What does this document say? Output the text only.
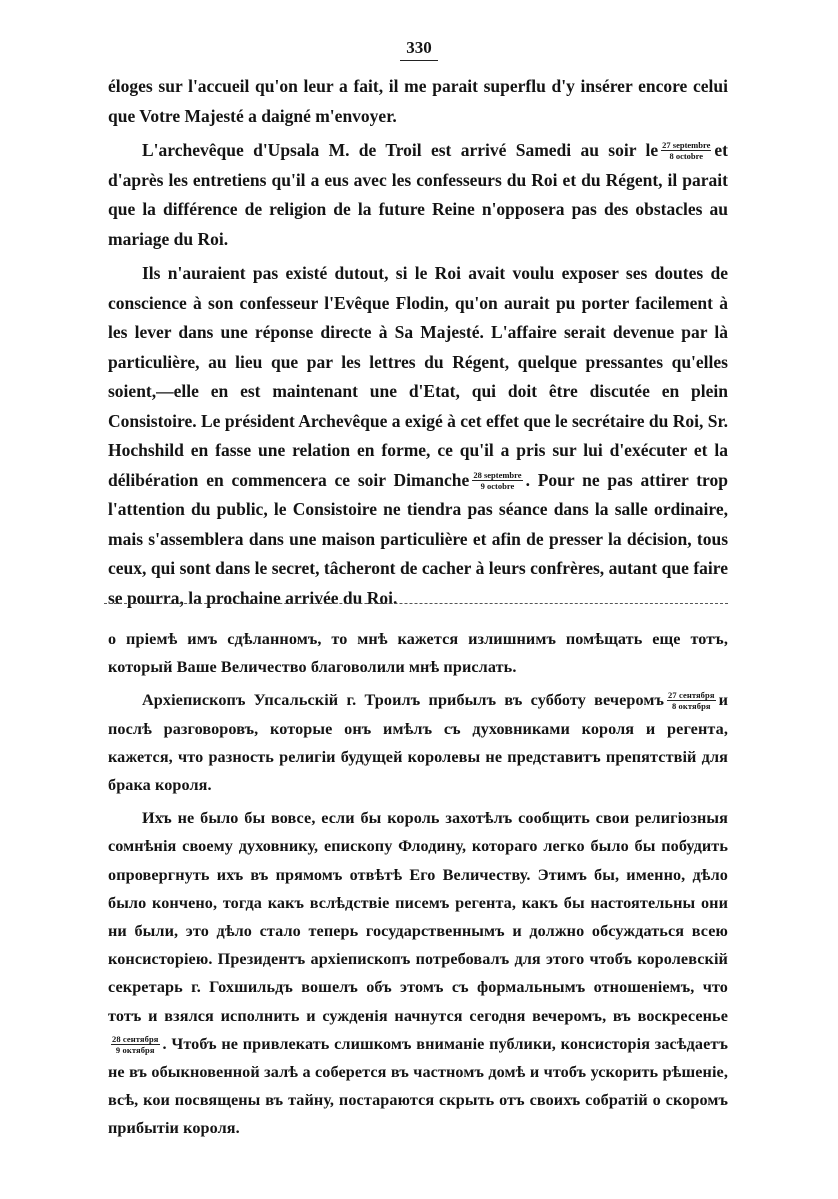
330

éloges sur l'accueil qu'on leur a fait, il me parait superflu d'y insérer encore celui que Votre Majesté a daigné m'envoyer.

L'archevêque d'Upsala M. de Troil est arrivé Samedi au soir le $\frac{\text{27 septembre}}{\text{8 octobre}}$ et d'après les entretiens qu'il a eus avec les confesseurs du Roi et du Régent, il parait que la différence de religion de la future Reine n'opposera pas des obstacles au mariage du Roi.

Ils n'auraient pas existé dutout, si le Roi avait voulu exposer ses doutes de conscience à son confesseur l'Evêque Flodin, qu'on aurait pu porter facilement à les lever dans une réponse directe à Sa Majesté. L'affaire serait devenue par là particulière, au lieu que par les lettres du Régent, quelque pressantes qu'elles soient,—elle en est maintenant une d'Etat, qui doit être discutée en plein Consistoire. Le président Archevêque a exigé à cet effet que le secrétaire du Roi, Sr. Hochshild en fasse une relation en forme, ce qu'il a pris sur lui d'exécuter et la délibération en commencera ce soir Dimanche $\frac{\text{28 septembre}}{\text{9 octobre}}$ . Pour ne pas attirer trop l'attention du public, le Consistoire ne tiendra pas séance dans la salle ordinaire, mais s'assemblera dans une maison particulière et afin de presser la décision, tous ceux, qui sont dans le secret, tâcheront de cacher à leurs confrères, autant que faire se pourra, la prochaine arrivée du Roi.

о пріемѣ имъ сдѣланномъ, то мнѣ кажется излишнимъ помѣщать еще тотъ, который Ваше Величество благоволили мнѣ прислать.

Архіепископъ Упсальскій г. Троилъ прибылъ въ субботу вечеромъ $\frac{\text{27 сентября}}{\text{8 октября}}$ и послѣ разговоровъ, которые онъ имѣлъ съ духовниками короля и регента, кажется, что разность религіи будущей королевы не представитъ препятствій для брака короля.

Ихъ не было бы вовсе, если бы король захотѣлъ сообщить свои религіозныя сомнѣнія своему духовнику, епископу Флодину, котораго легко было бы побудить опровергнуть ихъ въ прямомъ отвѣтѣ Его Величеству. Этимъ бы, именно, дѣло было кончено, тогда какъ вслѣдствіе писемъ регента, какъ бы настоятельны они ни были, это дѣло стало теперь государственнымъ и должно обсуждаться всею консисторіею. Президентъ архіепископъ потребовалъ для этого чтобъ королевскій секретарь г. Гохшильдъ вошелъ объ этомъ съ формальнымъ отношеніемъ, что тотъ и взялся исполнить и сужденія начнутся сегодня вечеромъ, въ воскресенье
$\frac{\text{28 сентября}}{\text{9 октября}}$ . Чтобъ не привлекать слишкомъ вниманіе публики, консисторія засѣдаетъ не въ обыкновенной залѣ а соберется въ частномъ домѣ и чтобъ ускорить рѣшеніе, всѣ, кои посвящены въ тайну, постараются скрыть отъ своихъ собратій о скоромъ прибытіи короля.
